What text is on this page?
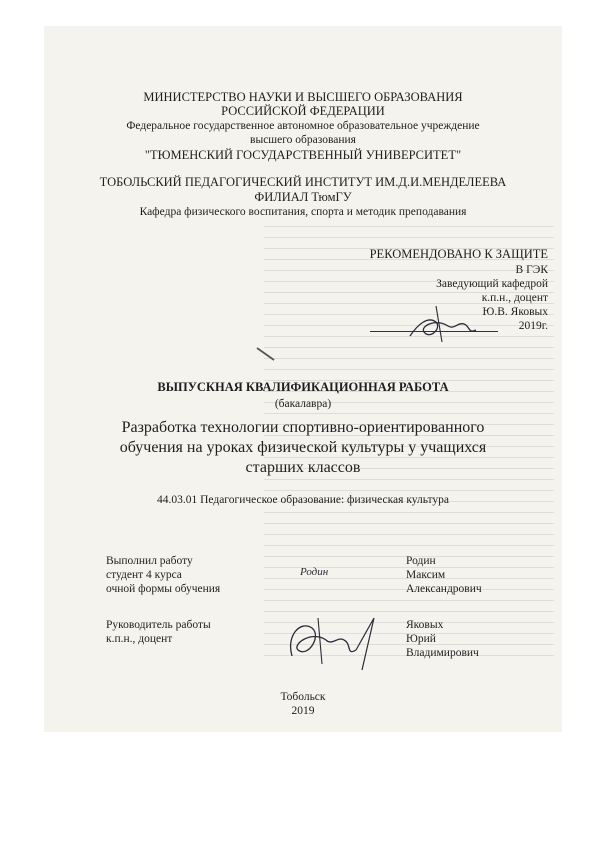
МИНИСТЕРСТВО НАУКИ И ВЫСШЕГО ОБРАЗОВАНИЯ
РОССИЙСКОЙ ФЕДЕРАЦИИ
Федеральное государственное автономное образовательное учреждение
высшего образования
"ТЮМЕНСКИЙ ГОСУДАРСТВЕННЫЙ УНИВЕРСИТЕТ"
ТОБОЛЬСКИЙ ПЕДАГОГИЧЕСКИЙ ИНСТИТУТ ИМ.Д.И.МЕНДЕЛЕЕВА
ФИЛИАЛ ТюмГУ
Кафедра физического воспитания, спорта и методик преподавания
РЕКОМЕНДОВАНО К ЗАЩИТЕ
В ГЭК
Заведующий кафедрой
к.п.н., доцент
Ю.В. Яковых
2019г.
ВЫПУСКНАЯ КВАЛИФИКАЦИОННАЯ РАБОТА
(бакалавра)
Разработка технологии спортивно-ориентированного
обучения на уроках физической культуры у учащихся
старших классов
44.03.01 Педагогическое образование: физическая культура
Выполнил работу
студент 4 курса
очной формы обучения
Родин
Родин
Максим
Александрович
Руководитель работы
к.п.н., доцент
Яковых
Юрий
Владимирович
Тобольск
2019
